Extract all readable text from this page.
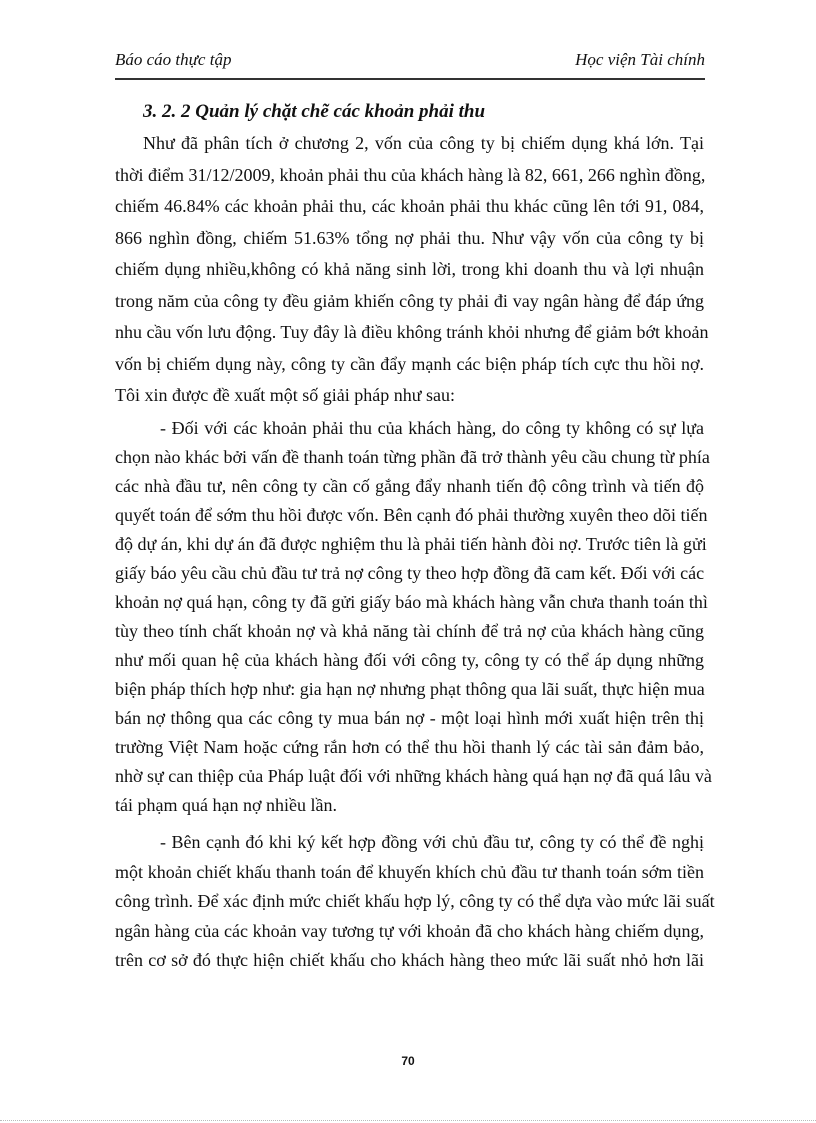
Báo cáo thực tập	Học viện Tài chính
3. 2. 2 Quản lý chặt chẽ các khoản phải thu
Như đã phân tích ở chương 2, vốn của công ty bị chiếm dụng khá lớn. Tại
thời điểm 31/12/2009, khoản phải thu của khách hàng là 82, 661, 266 nghìn đồng,
chiếm 46.84% các khoản phải thu, các khoản phải thu khác cũng lên tới 91, 084,
866 nghìn đồng, chiếm 51.63% tổng nợ phải thu. Như vậy vốn của công ty bị
chiếm dụng nhiều,không có khả năng sinh lời, trong khi doanh thu và lợi nhuận
trong năm của công ty đều giảm khiến công ty phải đi vay ngân hàng để đáp ứng
nhu cầu vốn lưu động. Tuy đây là điều không tránh khỏi nhưng để giảm bớt khoản
vốn bị chiếm dụng này, công ty cần đẩy mạnh các biện pháp tích cực thu hồi nợ.
Tôi xin được đề xuất một số giải pháp như sau:
- Đối với các khoản phải thu của khách hàng, do công ty không có sự lựa
chọn nào khác bởi vấn đề thanh toán từng phần đã trở thành yêu cầu chung từ phía
các nhà đầu tư, nên công ty cần cố gắng đẩy nhanh tiến độ công trình và tiến độ
quyết toán để sớm thu hồi được vốn. Bên cạnh đó phải thường xuyên theo dõi tiến
độ dự án, khi dự án đã được nghiệm thu là phải tiến hành đòi nợ. Trước tiên là gửi
giấy báo yêu cầu chủ đầu tư trả nợ công ty theo hợp đồng đã cam kết. Đối với các
khoản nợ quá hạn, công ty đã gửi giấy báo mà khách hàng vẫn chưa thanh toán thì
tùy theo tính chất khoản nợ và khả năng tài chính để trả nợ của khách hàng cũng
như mối quan hệ của khách hàng đối với công ty, công ty có thể áp dụng những
biện pháp thích hợp như: gia hạn nợ nhưng phạt thông qua lãi suất, thực hiện mua
bán nợ thông qua các công ty mua bán nợ - một loại hình mới xuất hiện trên thị
trường Việt Nam hoặc cứng rắn hơn có thể thu hồi thanh lý các tài sản đảm bảo,
nhờ sự can thiệp của Pháp luật đối với những khách hàng quá hạn nợ đã quá lâu và
tái phạm quá hạn nợ nhiều lần.
- Bên cạnh đó khi ký kết hợp đồng với chủ đầu tư, công ty có thể đề nghị
một khoản chiết khấu thanh toán để khuyến khích chủ đầu tư thanh toán sớm tiền
công trình. Để xác định mức chiết khấu hợp lý, công ty có thể dựa vào mức lãi suất
ngân hàng của các khoản vay tương tự với khoản đã cho khách hàng chiếm dụng,
trên cơ sở đó thực hiện chiết khấu cho khách hàng theo mức lãi suất nhỏ hơn lãi
70
